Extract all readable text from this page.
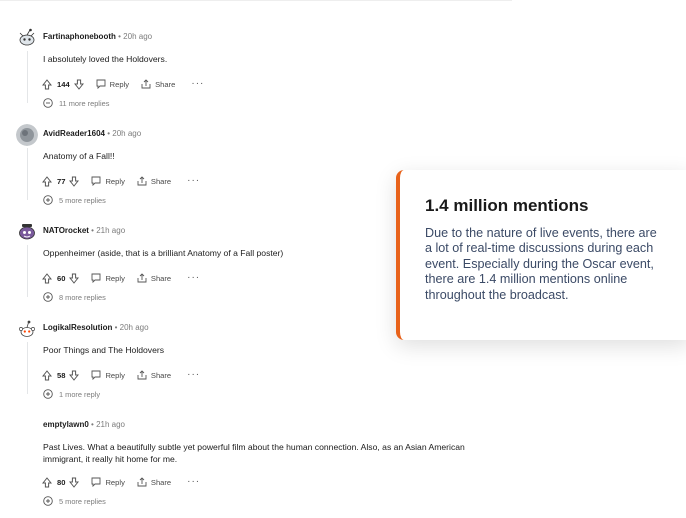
Fartinaphonebooth • 20h ago
I absolutely loved the Holdovers.
144	Reply	Share ···
11 more replies
AvidReader1604 • 20h ago
Anatomy of a Fall!!
77	Reply	Share ···
5 more replies
NATOrocket • 21h ago
Oppenheimer (aside, that is a brilliant Anatomy of a Fall poster)
60	Reply	Share ···
8 more replies
LogikalResolution • 20h ago
Poor Things and The Holdovers
58	Reply	Share ···
1 more reply
emptylawn0 • 21h ago
Past Lives. What a beautifully subtle yet powerful film about the human connection. Also, as an Asian American immigrant, it really hit home for me.
80	Reply	Share ···
5 more replies
1.4 million mentions
Due to the nature of live events, there are a lot of real-time discussions during each event. Especially during the Oscar event, there are 1.4 million mentions online throughout the broadcast.
